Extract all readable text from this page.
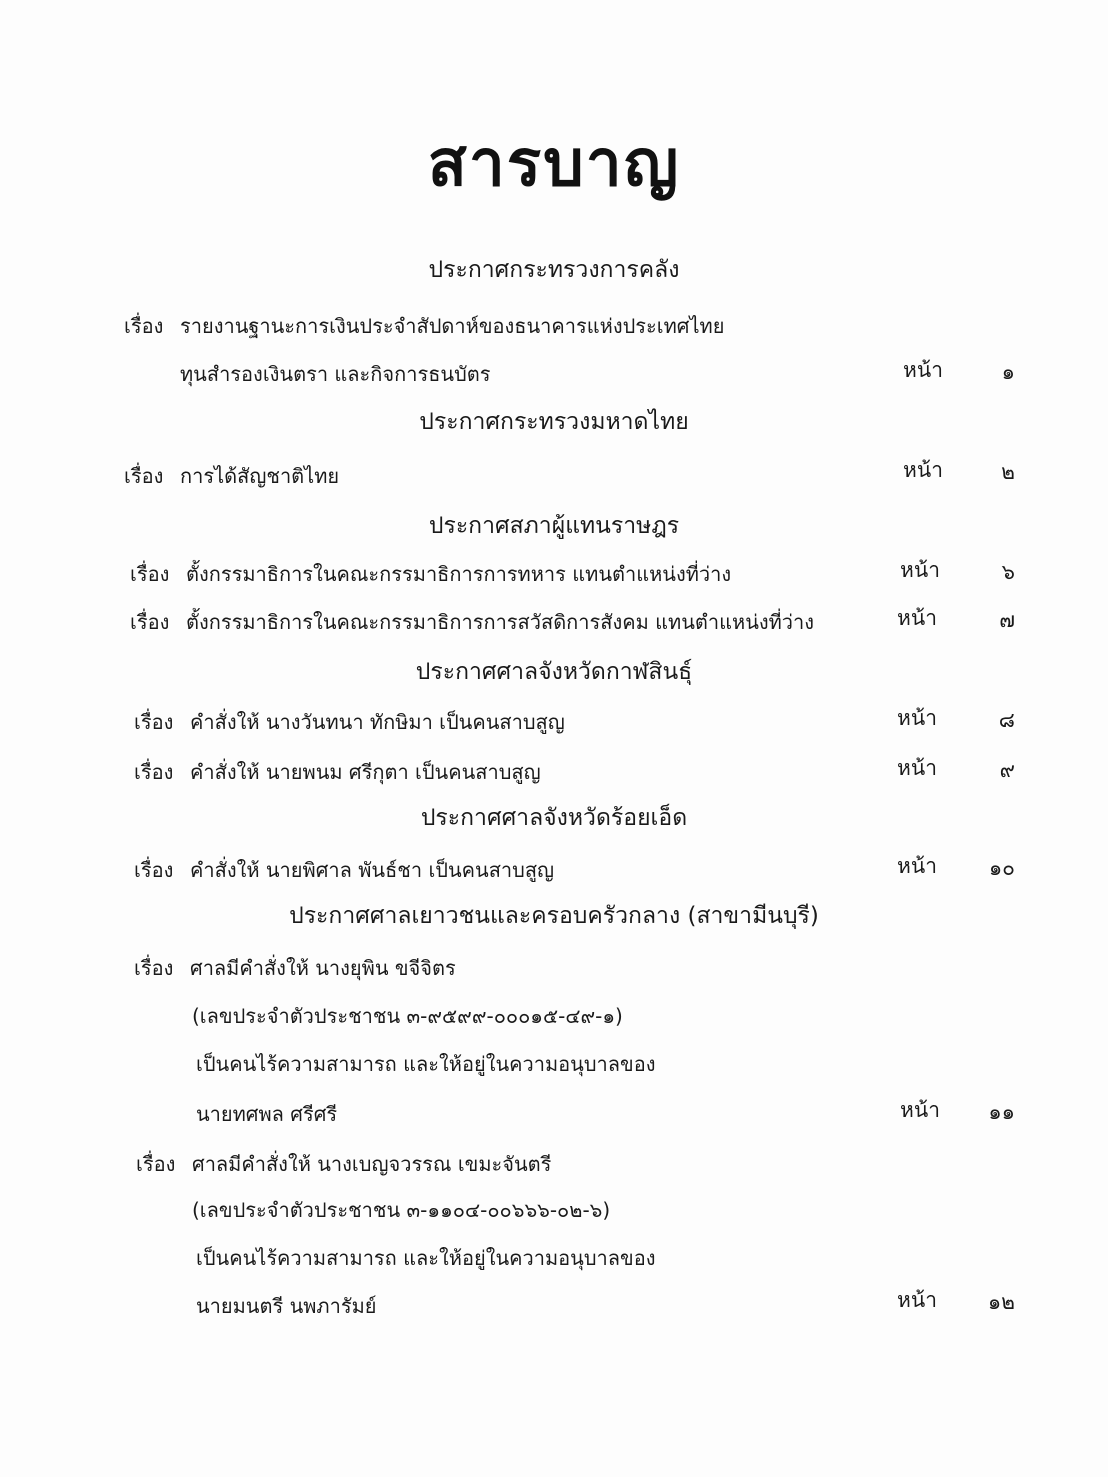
สารบาญ
ประกาศกระทรวงการคลัง
เรื่อง รายงานฐานะการเงินประจำสัปดาห์ของธนาคารแห่งประเทศไทย
ทุนสำรองเงินตรา และกิจการธนบัตร	หน้า	๑
ประกาศกระทรวงมหาดไทย
เรื่อง การได้สัญชาติไทย	หน้า	๒
ประกาศสภาผู้แทนราษฎร
เรื่อง ตั้งกรรมาธิการในคณะกรรมาธิการการทหาร แทนตำแหน่งที่ว่าง	หน้า	๖
เรื่อง ตั้งกรรมาธิการในคณะกรรมาธิการการสวัสดิการสังคม แทนตำแหน่งที่ว่าง	หน้า	๗
ประกาศศาลจังหวัดกาฬสินธุ์
เรื่อง คำสั่งให้ นางวันทนา ทักษิมา เป็นคนสาบสูญ	หน้า	๘
เรื่อง คำสั่งให้ นายพนม ศรีกุตา เป็นคนสาบสูญ	หน้า	๙
ประกาศศาลจังหวัดร้อยเอ็ด
เรื่อง คำสั่งให้ นายพิศาล พันธ์ชา เป็นคนสาบสูญ	หน้า	๑๐
ประกาศศาลเยาวชนและครอบครัวกลาง (สาขามีนบุรี)
เรื่อง ศาลมีคำสั่งให้ นางยุพิน ขจีจิตร
(เลขประจำตัวประชาชน ๓-๙๕๙๙-๐๐๐๑๕-๔๙-๑)
เป็นคนไร้ความสามารถ และให้อยู่ในความอนุบาลของ
นายทศพล ศรีศรี	หน้า	๑๑
เรื่อง ศาลมีคำสั่งให้ นางเบญจวรรณ เขมะจันตรี
(เลขประจำตัวประชาชน ๓-๑๑๐๔-๐๐๖๖๖-๐๒-๖)
เป็นคนไร้ความสามารถ และให้อยู่ในความอนุบาลของ
นายมนตรี นพภารัมย์	หน้า	๑๒
